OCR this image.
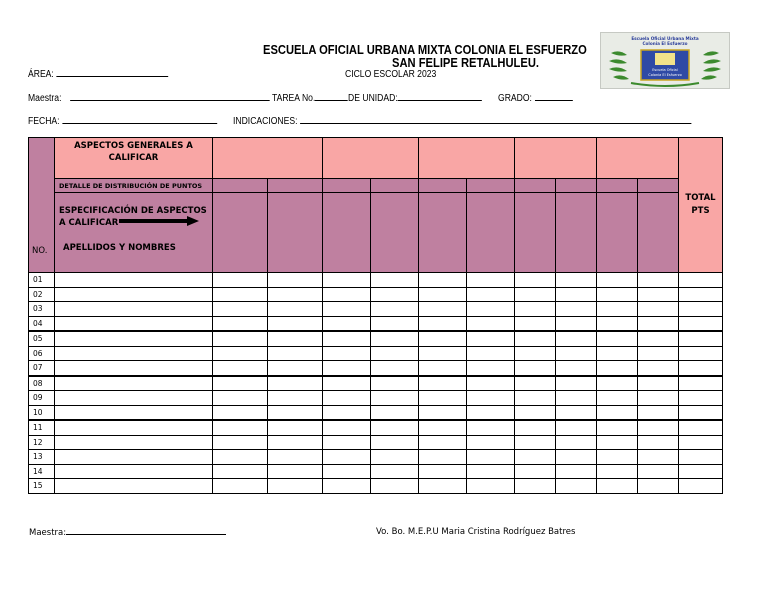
ESCUELA OFICIAL URBANA MIXTA COLONIA EL ESFUERZO
SAN FELIPE RETALHULEU.
CICLO ESCOLAR 2023
Escuela Oficial Urbana Mixta
Colonia El Esfuerzo
Escuela Oficial
Colonia El Esfuerzo
ÁREA:
Maestra:	TAREA No.	DE UNIDAD:	GRADO:
FECHA:	INDICACIONES:
NO.	ASPECTOS GENERALES A CALIFICAR											TOTAL PTS

	DETALLE DE DISTRIBUCIÓN DE PUNTOS											

	ESPECIFICACIÓN DE ASPECTOS A CALIFICAR
APELLIDOS Y NOMBRES											

01												
02												
03												
04												
05												
06												
07												
08												
09												
10												
11												
12												
13												
14												
15												
Maestra:	Vo. Bo. M.E.P.U Maria Cristina Rodríguez Batres
